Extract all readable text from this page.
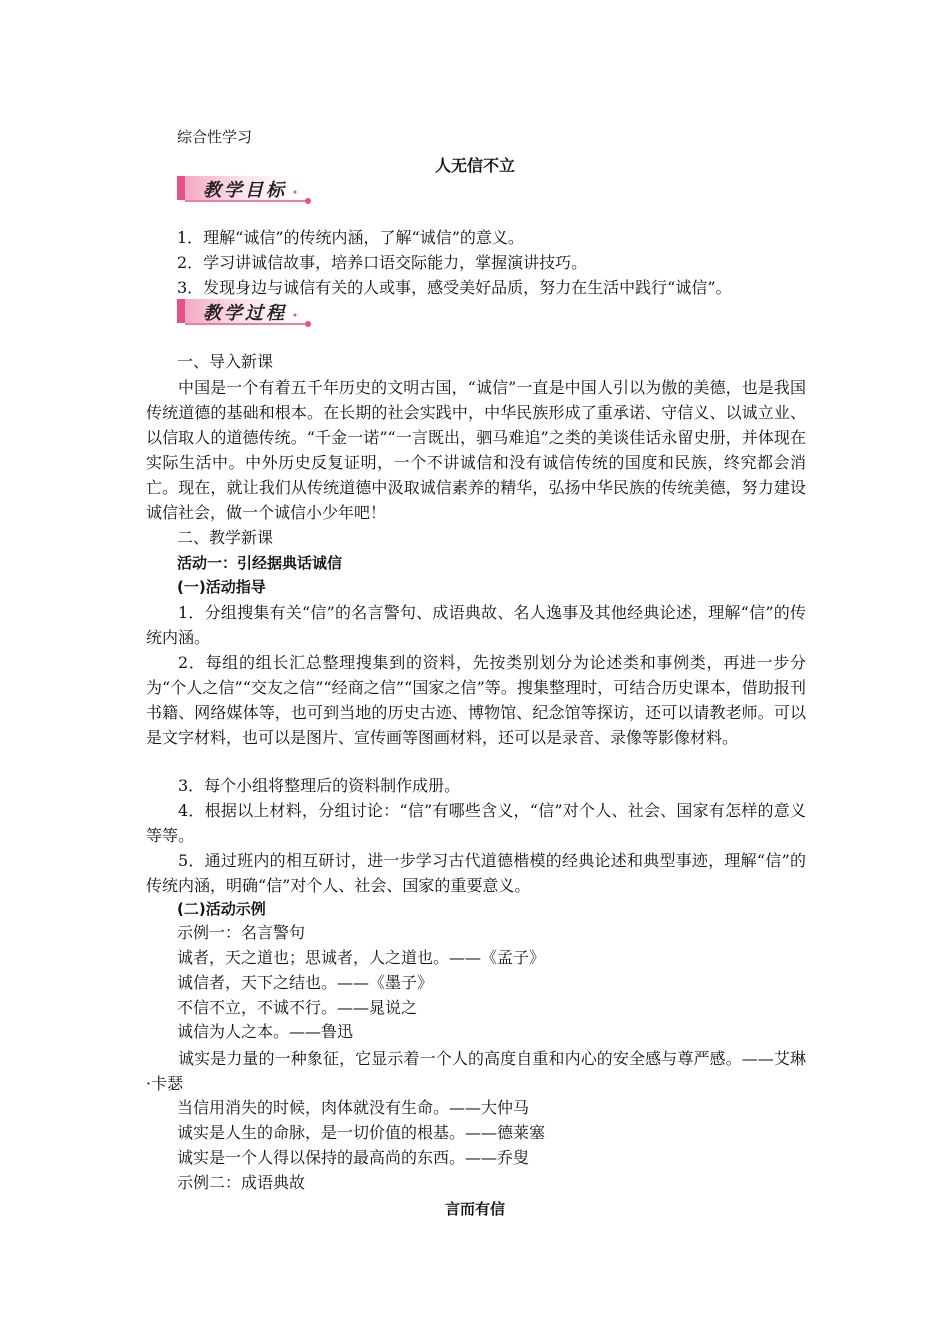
综合性学习
人无信不立
教学目标
1．理解“诚信”的传统内涵，了解“诚信”的意义。
2．学习讲诚信故事，培养口语交际能力，掌握演讲技巧。
3．发现身边与诚信有关的人或事，感受美好品质，努力在生活中践行“诚信”。
教学过程
一、导入新课
中国是一个有着五千年历史的文明古国，“诚信”一直是中国人引以为傲的美德，也是我国传统道德的基础和根本。在长期的社会实践中，中华民族形成了重承诺、守信义、以诚立业、以信取人的道德传统。“千金一诺”“一言既出，驷马难追”之类的美谈佳话永留史册，并体现在实际生活中。中外历史反复证明，一个不讲诚信和没有诚信传统的国度和民族，终究都会消亡。现在，就让我们从传统道德中汲取诚信素养的精华，弘扬中华民族的传统美德，努力建设诚信社会，做一个诚信小少年吧！
二、教学新课
活动一：引经据典话诚信
(一)活动指导
1．分组搜集有关“信”的名言警句、成语典故、名人逸事及其他经典论述，理解“信”的传统内涵。
2．每组的组长汇总整理搜集到的资料，先按类别划分为论述类和事例类，再进一步分为“个人之信”“交友之信”“经商之信”“国家之信”等。搜集整理时，可结合历史课本，借助报刊书籍、网络媒体等，也可到当地的历史古迹、博物馆、纪念馆等探访，还可以请教老师。可以是文字材料，也可以是图片、宣传画等图画材料，还可以是录音、录像等影像材料。
3．每个小组将整理后的资料制作成册。
4．根据以上材料，分组讨论：“信”有哪些含义，“信”对个人、社会、国家有怎样的意义等等。
5．通过班内的相互研讨，进一步学习古代道德楷模的经典论述和典型事迹，理解“信”的传统内涵，明确“信”对个人、社会、国家的重要意义。
(二)活动示例
示例一：名言警句
诚者，天之道也；思诚者，人之道也。——《孟子》
诚信者，天下之结也。——《墨子》
不信不立，不诚不行。——晁说之
诚信为人之本。——鲁迅
诚实是力量的一种象征，它显示着一个人的高度自重和内心的安全感与尊严感。——艾琳·卡瑟
当信用消失的时候，肉体就没有生命。——大仲马
诚实是人生的命脉，是一切价值的根基。——德莱塞
诚实是一个人得以保持的最高尚的东西。——乔叟
示例二：成语典故
言而有信
